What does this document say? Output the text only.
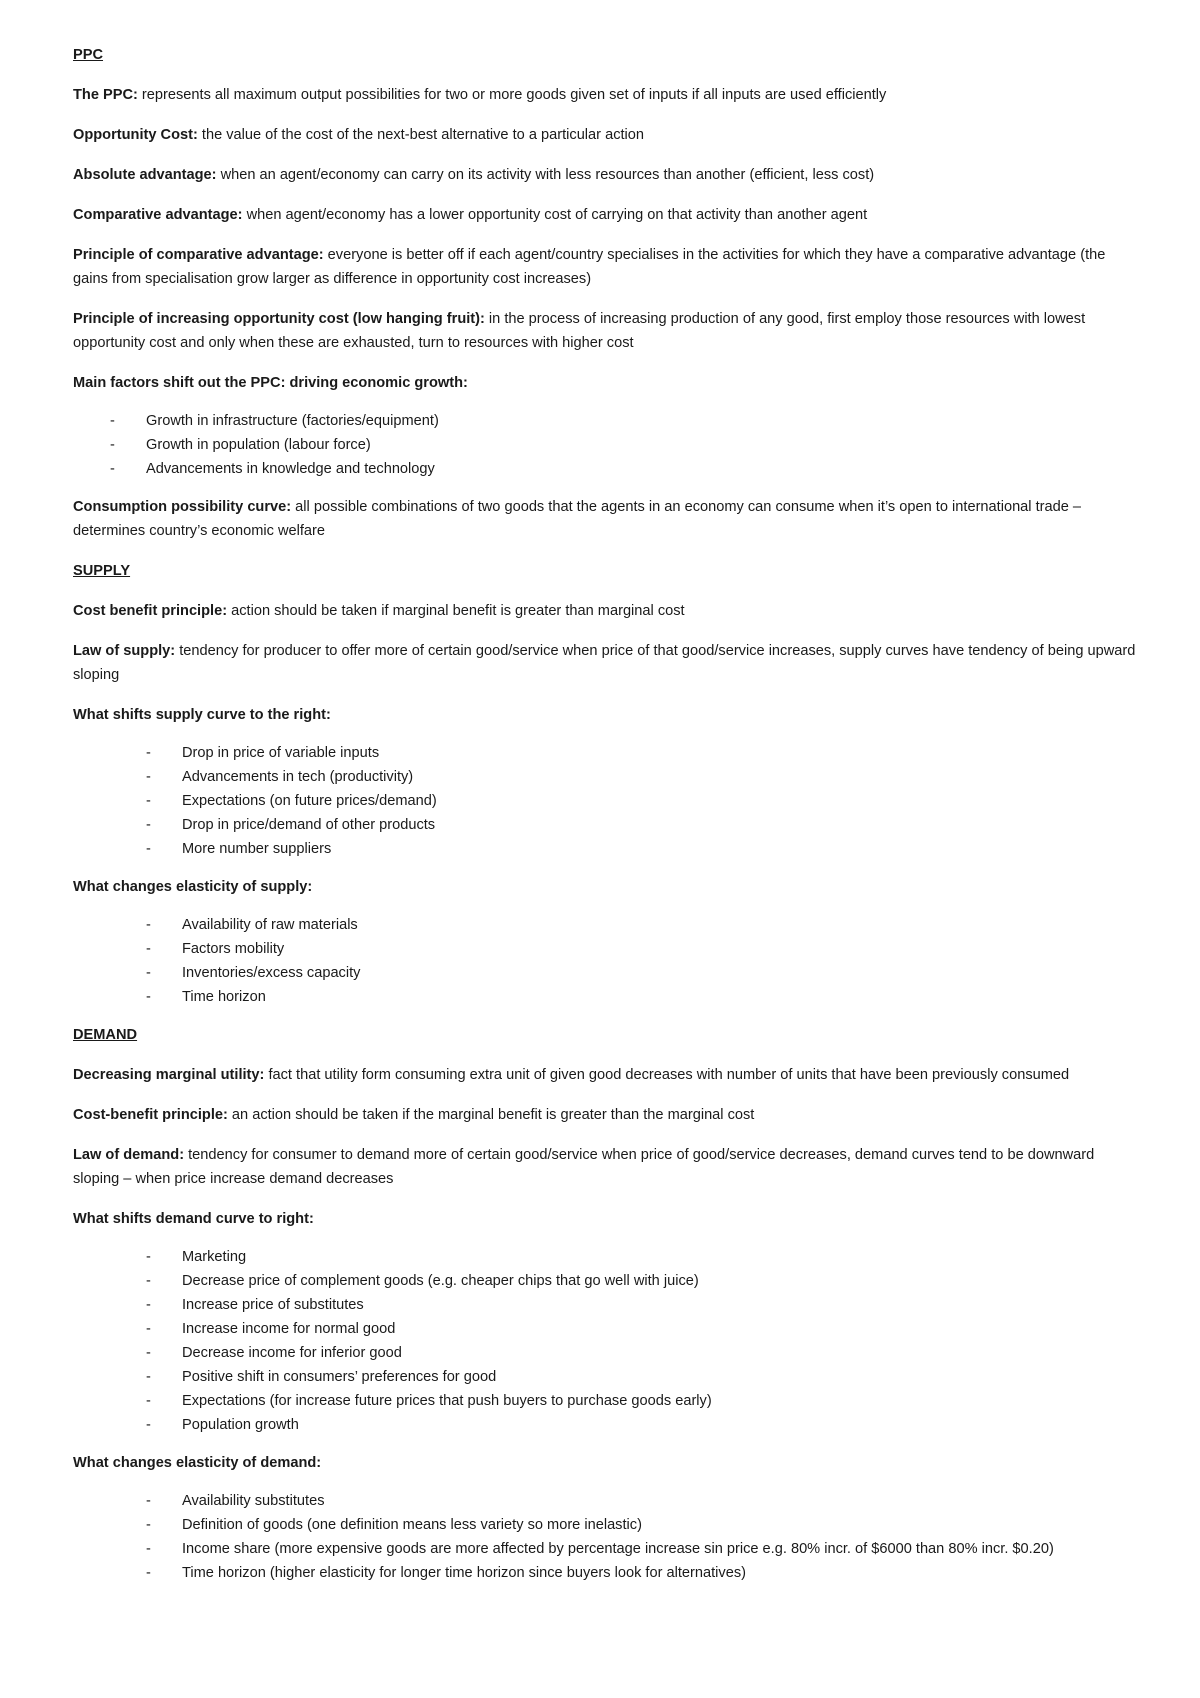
PPC

The PPC: represents all maximum output possibilities for two or more goods given set of inputs if all inputs are used efficiently

Opportunity Cost: the value of the cost of the next-best alternative to a particular action

Absolute advantage: when an agent/economy can carry on its activity with less resources than another (efficient, less cost)

Comparative advantage: when agent/economy has a lower opportunity cost of carrying on that activity than another agent

Principle of comparative advantage: everyone is better off if each agent/country specialises in the activities for which they have a comparative advantage (the gains from specialisation grow larger as difference in opportunity cost increases)

Principle of increasing opportunity cost (low hanging fruit): in the process of increasing production of any good, first employ those resources with lowest opportunity cost and only when these are exhausted, turn to resources with higher cost

Main factors shift out the PPC: driving economic growth:
- Growth in infrastructure (factories/equipment)
- Growth in population (labour force)
- Advancements in knowledge and technology

Consumption possibility curve: all possible combinations of two goods that the agents in an economy can consume when it’s open to international trade – determines country’s economic welfare

SUPPLY

Cost benefit principle: action should be taken if marginal benefit is greater than marginal cost

Law of supply: tendency for producer to offer more of certain good/service when price of that good/service increases, supply curves have tendency of being upward sloping

What shifts supply curve to the right:
- Drop in price of variable inputs
- Advancements in tech (productivity)
- Expectations (on future prices/demand)
- Drop in price/demand of other products
- More number suppliers
What changes elasticity of supply:
- Availability of raw materials
- Factors mobility
- Inventories/excess capacity
- Time horizon
DEMAND

Decreasing marginal utility: fact that utility form consuming extra unit of given good decreases with number of units that have been previously consumed

Cost-benefit principle: an action should be taken if the marginal benefit is greater than the marginal cost

Law of demand: tendency for consumer to demand more of certain good/service when price of good/service decreases, demand curves tend to be downward sloping – when price increase demand decreases

What shifts demand curve to right:
- Marketing
- Decrease price of complement goods (e.g. cheaper chips that go well with juice)
- Increase price of substitutes
- Increase income for normal good
- Decrease income for inferior good
- Positive shift in consumers’ preferences for good
- Expectations (for increase future prices that push buyers to purchase goods early)
- Population growth
What changes elasticity of demand:
- Availability substitutes
- Definition of goods (one definition means less variety so more inelastic)
- Income share (more expensive goods are more affected by percentage increase sin price e.g. 80% incr. of $6000 than 80% incr. $0.20)
- Time horizon (higher elasticity for longer time horizon since buyers look for alternatives)
